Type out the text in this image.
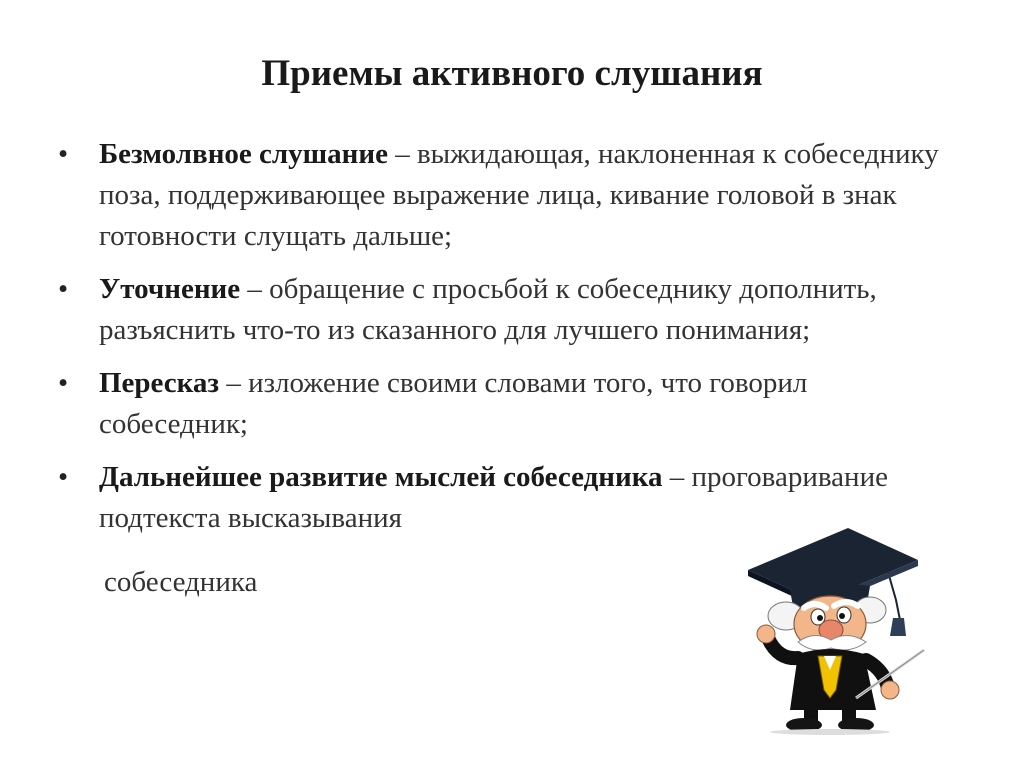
Приемы активного слушания
• Безмолвное слушание – выжидающая, наклоненная к собеседнику поза, поддерживающее выражение лица, кивание головой в знак готовности слущать дальше;
• Уточнение – обращение с просьбой к собеседнику дополнить, разъяснить что-то из сказанного для лучшего понимания;
• Пересказ – изложение своими словами того, что говорил собеседник;
• Дальнейшее развитие мыслей собеседника – проговаривание подтекста высказывания
собеседника
